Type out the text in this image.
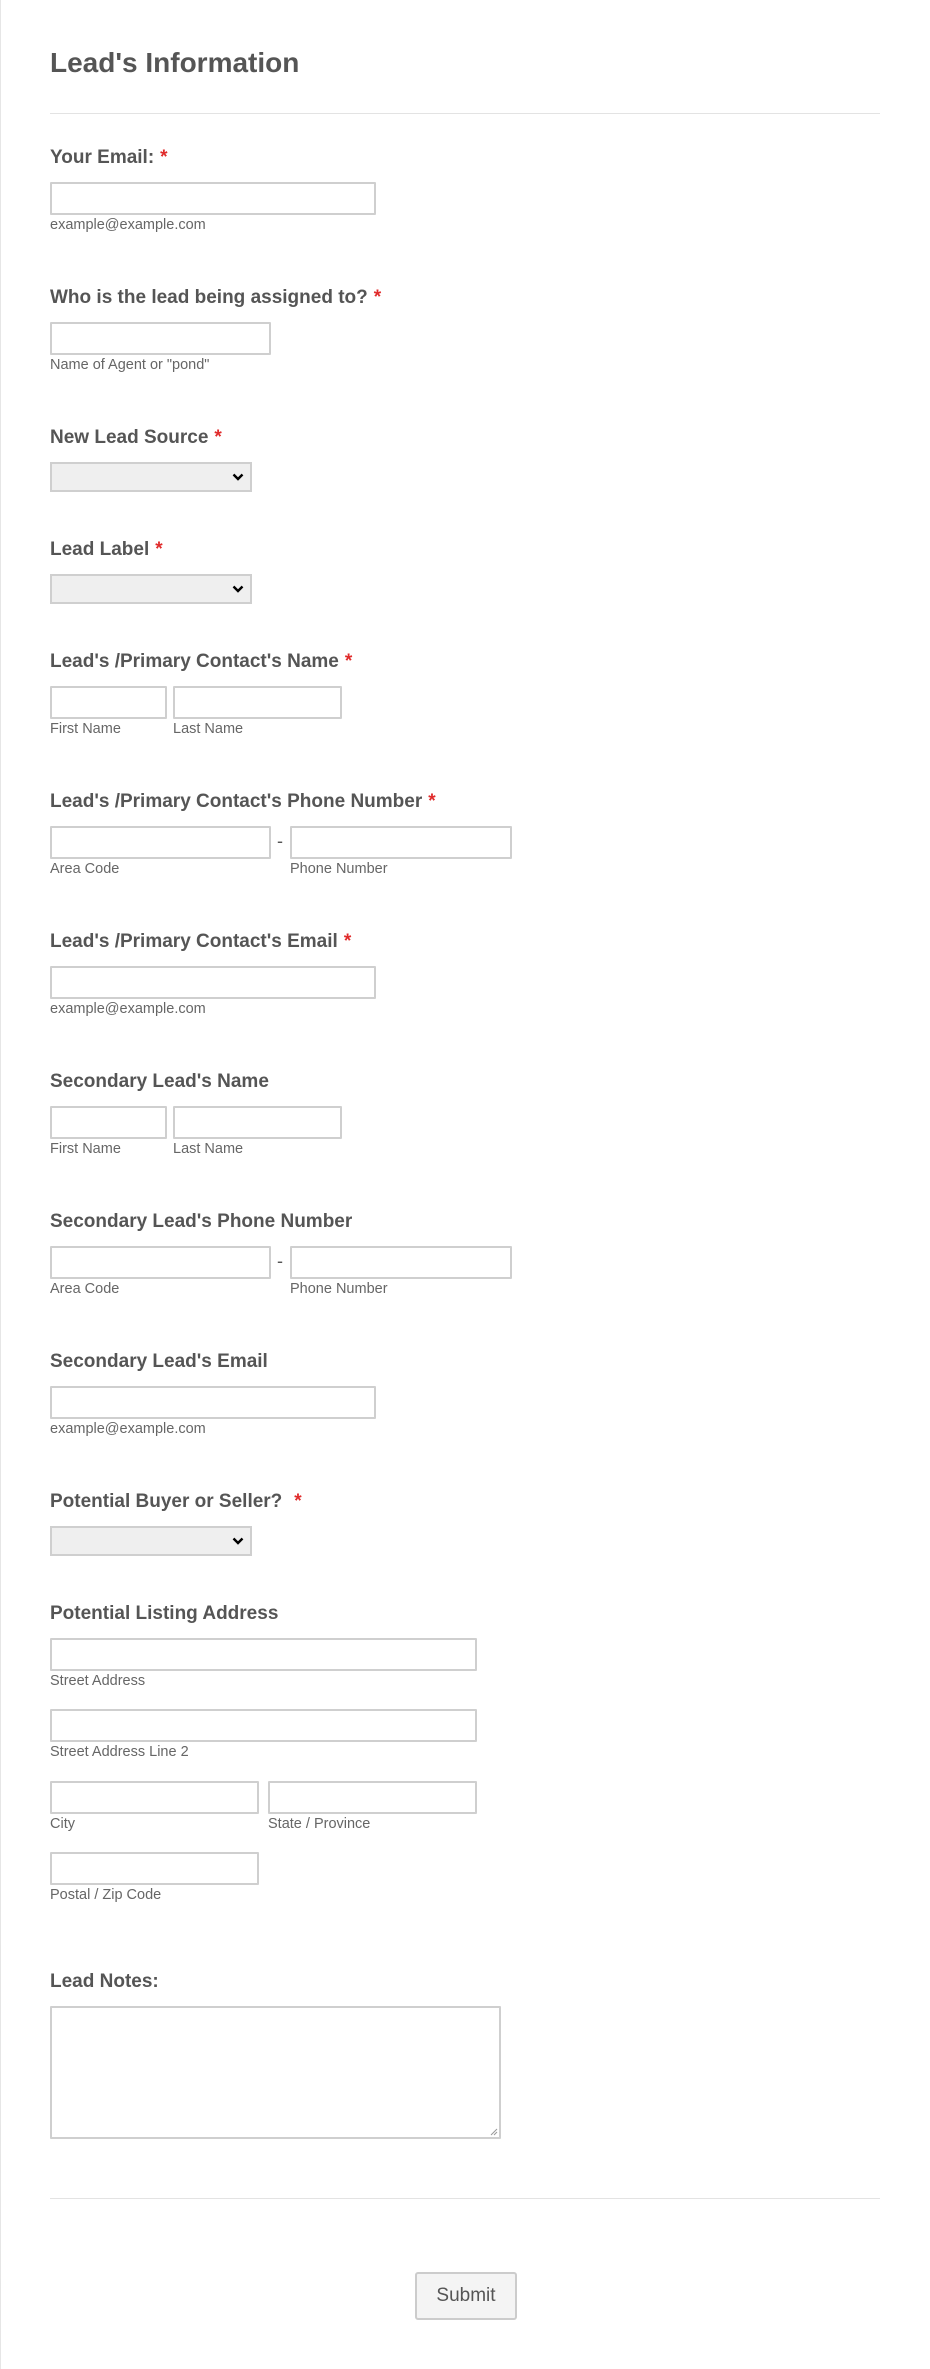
Lead's Information
Your Email: *
example@example.com
Who is the lead being assigned to? *
Name of Agent or "pond"
New Lead Source *
Lead Label *
Lead's /Primary Contact's Name *
First Name	Last Name
Lead's /Primary Contact's Phone Number *
-
Area Code	Phone Number
Lead's /Primary Contact's Email *
example@example.com
Secondary Lead's Name
First Name	Last Name
Secondary Lead's Phone Number
-
Area Code	Phone Number
Secondary Lead's Email
example@example.com
Potential Buyer or Seller? *
Potential Listing Address
Street Address
Street Address Line 2
City	State / Province
Postal / Zip Code
Lead Notes:
Submit
